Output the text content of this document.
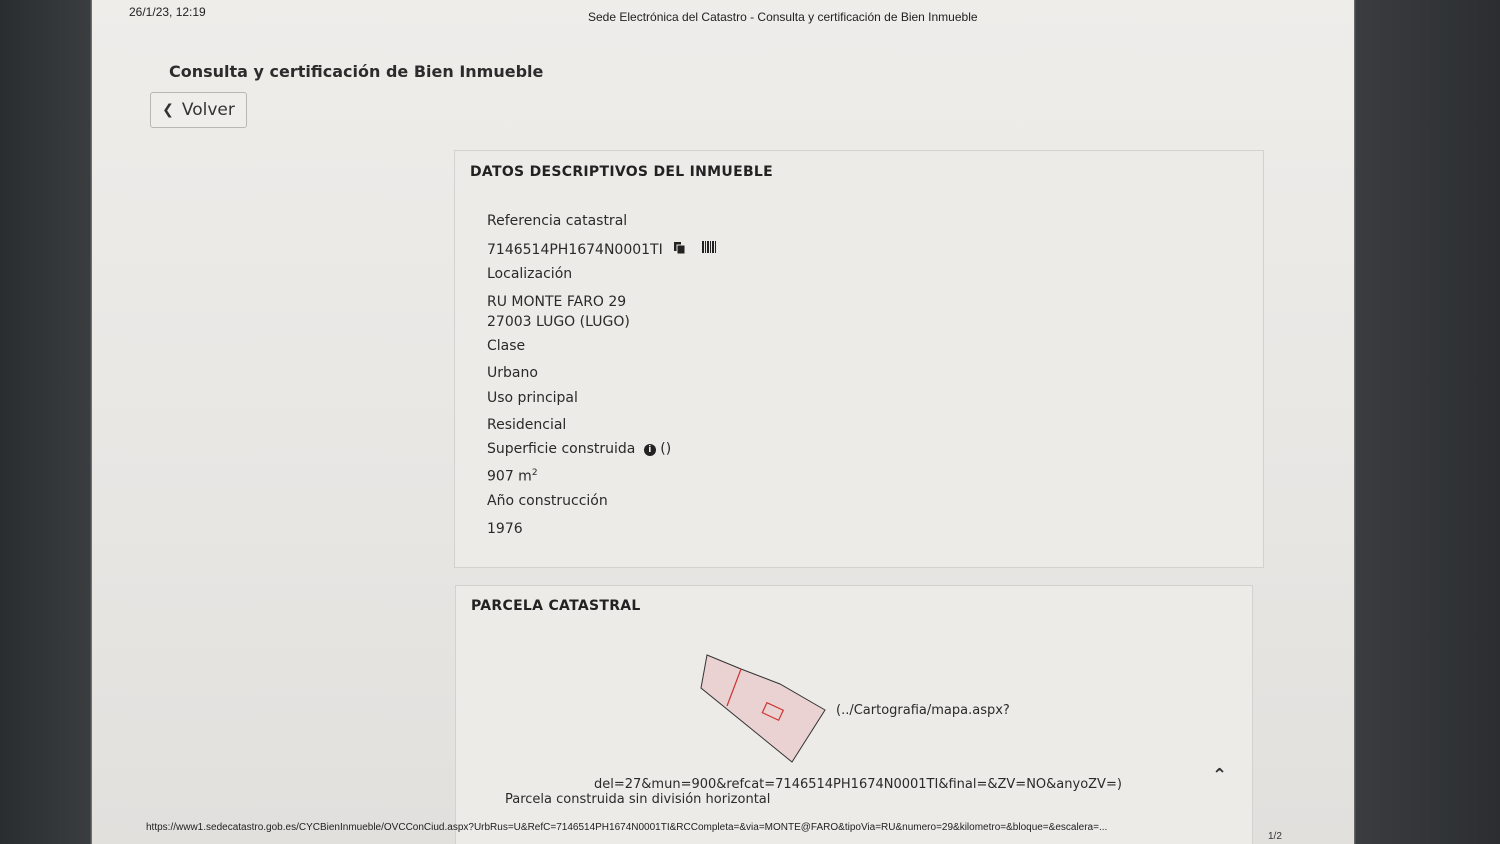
26/1/23, 12:19	Sede Electrónica del Catastro - Consulta y certificación de Bien Inmueble
Consulta y certificación de Bien Inmueble
❮ Volver
DATOS DESCRIPTIVOS DEL INMUEBLE
Referencia catastral
7146514PH1674N0001TI
Localización
RU MONTE FARO 29
27003 LUGO (LUGO)
Clase
Urbano
Uso principal
Residencial
Superficie construida i ()
907 $m^2$
Año construcción
1976
PARCELA CATASTRAL
(../Cartografia/mapa.aspx?
del=27&mun=900&refcat=7146514PH1674N0001TI&final=&ZV=NO&anyoZV=)
Parcela construida sin división horizontal
⌃
https://www1.sedecatastro.gob.es/CYCBienInmueble/OVCConCiud.aspx?UrbRus=U&RefC=7146514PH1674N0001TI&RCCompleta=&via=MONTE@FARO&tipoVia=RU&numero=29&kilometro=&bloque=&escalera=...
1/2
